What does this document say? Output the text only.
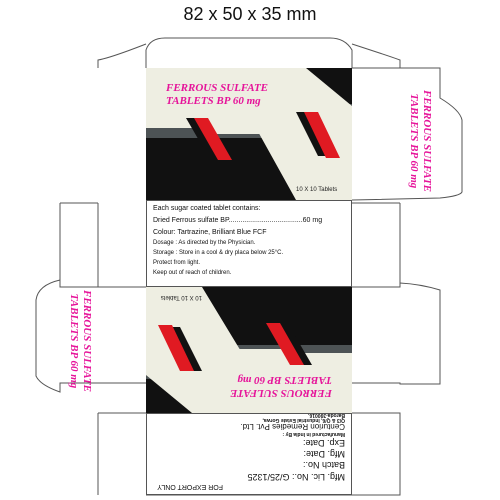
82 x 50 x 35 mm
FERROUS SULFATE
TABLETS BP 60 mg
10 X 10 Tablets	FERROUS SULFATE
TABLETS BP 60 mg
Each sugar coated tablet contains:
Dried Ferrous sulfate BP......................................60 mg
Colour: Tartrazine, Brilliant Blue FCF
Dosage : As directed by the Physician.
Storage : Store in a cool & dry placa below 25°C.
Protect from light.
Keep out of reach of children.
FERROUS SULFATE
TABLETS BP 60 mg
10 X 10 Tablets
FERROUS SULFATE
TABLETS BP 60 mg
FOR EXPORT ONLY
Mfg. Lic. No.: G/25/1325
Batch No.:
Mfg. Date:
Exp. Date:
Manufactured in India By :
Centurion Remedies Pvt. Ltd.
Q/3 & Q/6, Industrial Estate Gorwa,
Baroda-390016.
